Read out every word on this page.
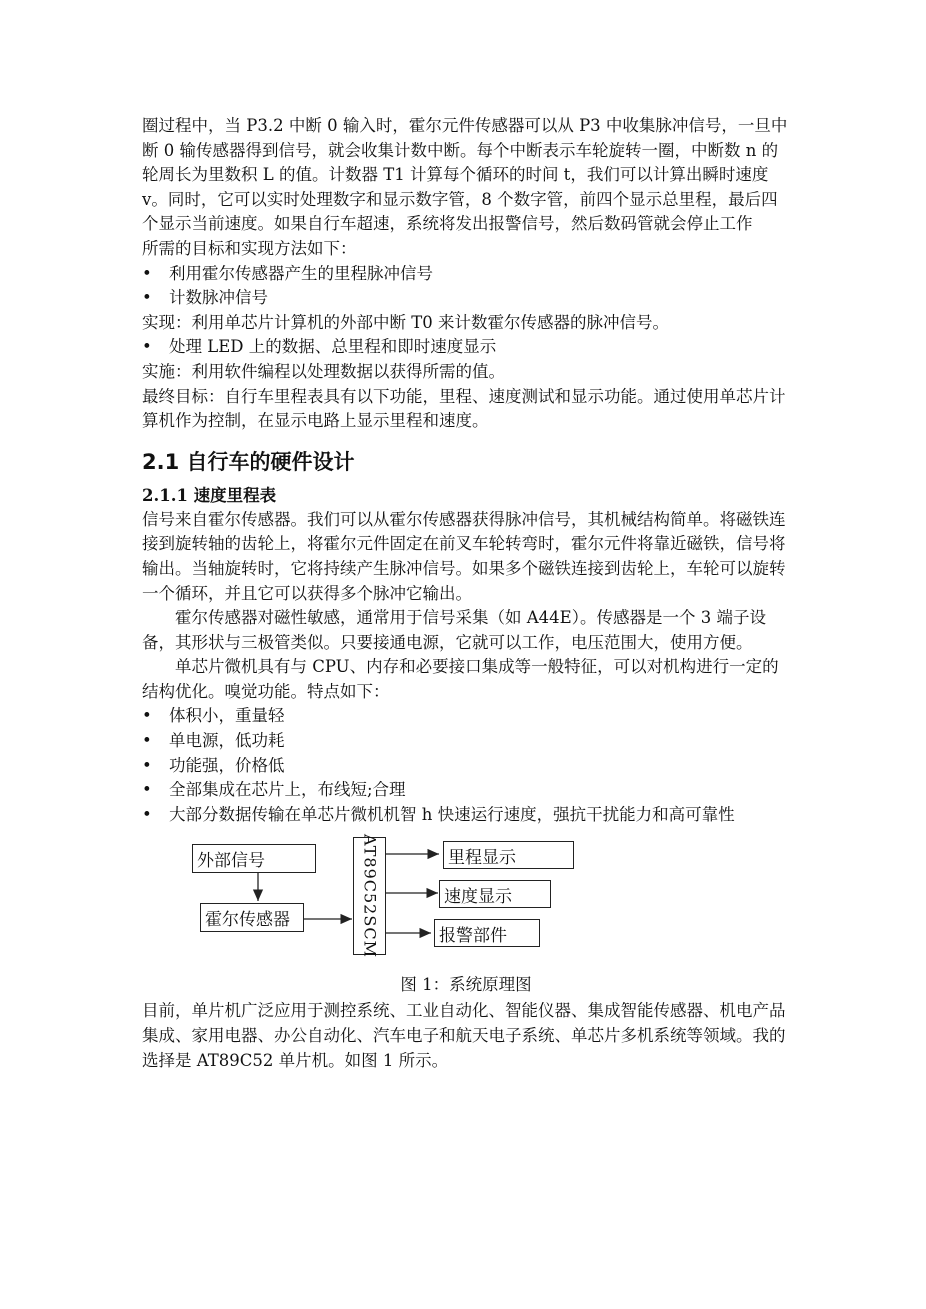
圈过程中，当 P3.2 中断 0 输入时，霍尔元件传感器可以从 P3 中收集脉冲信号，一旦中断 0 输传感器得到信号，就会收集计数中断。每个中断表示车轮旋转一圈，中断数 n 的轮周长为里数积 L 的值。计数器 T1 计算每个循环的时间 t，我们可以计算出瞬时速度 v。同时，它可以实时处理数字和显示数字管，8 个数字管，前四个显示总里程，最后四个显示当前速度。如果自行车超速，系统将发出报警信号，然后数码管就会停止工作

所需的目标和实现方法如下：

•	利用霍尔传感器产生的里程脉冲信号
•	计数脉冲信号

实现：利用单芯片计算机的外部中断 T0 来计数霍尔传感器的脉冲信号。

•	处理 LED 上的数据、总里程和即时速度显示

实施：利用软件编程以处理数据以获得所需的值。

最终目标：自行车里程表具有以下功能，里程、速度测试和显示功能。通过使用单芯片计算机作为控制，在显示电路上显示里程和速度。

2.1 自行车的硬件设计
2.1.1 速度里程表

信号来自霍尔传感器。我们可以从霍尔传感器获得脉冲信号，其机械结构简单。将磁铁连接到旋转轴的齿轮上，将霍尔元件固定在前叉车轮转弯时，霍尔元件将靠近磁铁，信号将输出。当轴旋转时，它将持续产生脉冲信号。如果多个磁铁连接到齿轮上，车轮可以旋转一个循环，并且它可以获得多个脉冲它输出。

霍尔传感器对磁性敏感，通常用于信号采集（如 A44E）。传感器是一个 3 端子设备，其形状与三极管类似。只要接通电源，它就可以工作，电压范围大，使用方便。

单芯片微机具有与 CPU、内存和必要接口集成等一般特征，可以对机构进行一定的结构优化。嗅觉功能。特点如下：

•	体积小，重量轻
•	单电源，低功耗
•	功能强，价格低
•	全部集成在芯片上，布线短;合理
•	大部分数据传输在单芯片微机机智 h 快速运行速度，强抗干扰能力和高可靠性
外部信号
霍尔传感器	AT89C52SCM	里程显示
速度显示
报警部件
图 1：系统原理图

目前，单片机广泛应用于测控系统、工业自动化、智能仪器、集成智能传感器、机电产品集成、家用电器、办公自动化、汽车电子和航天电子系统、单芯片多机系统等领域。我的选择是 AT89C52 单片机。如图 1 所示。
